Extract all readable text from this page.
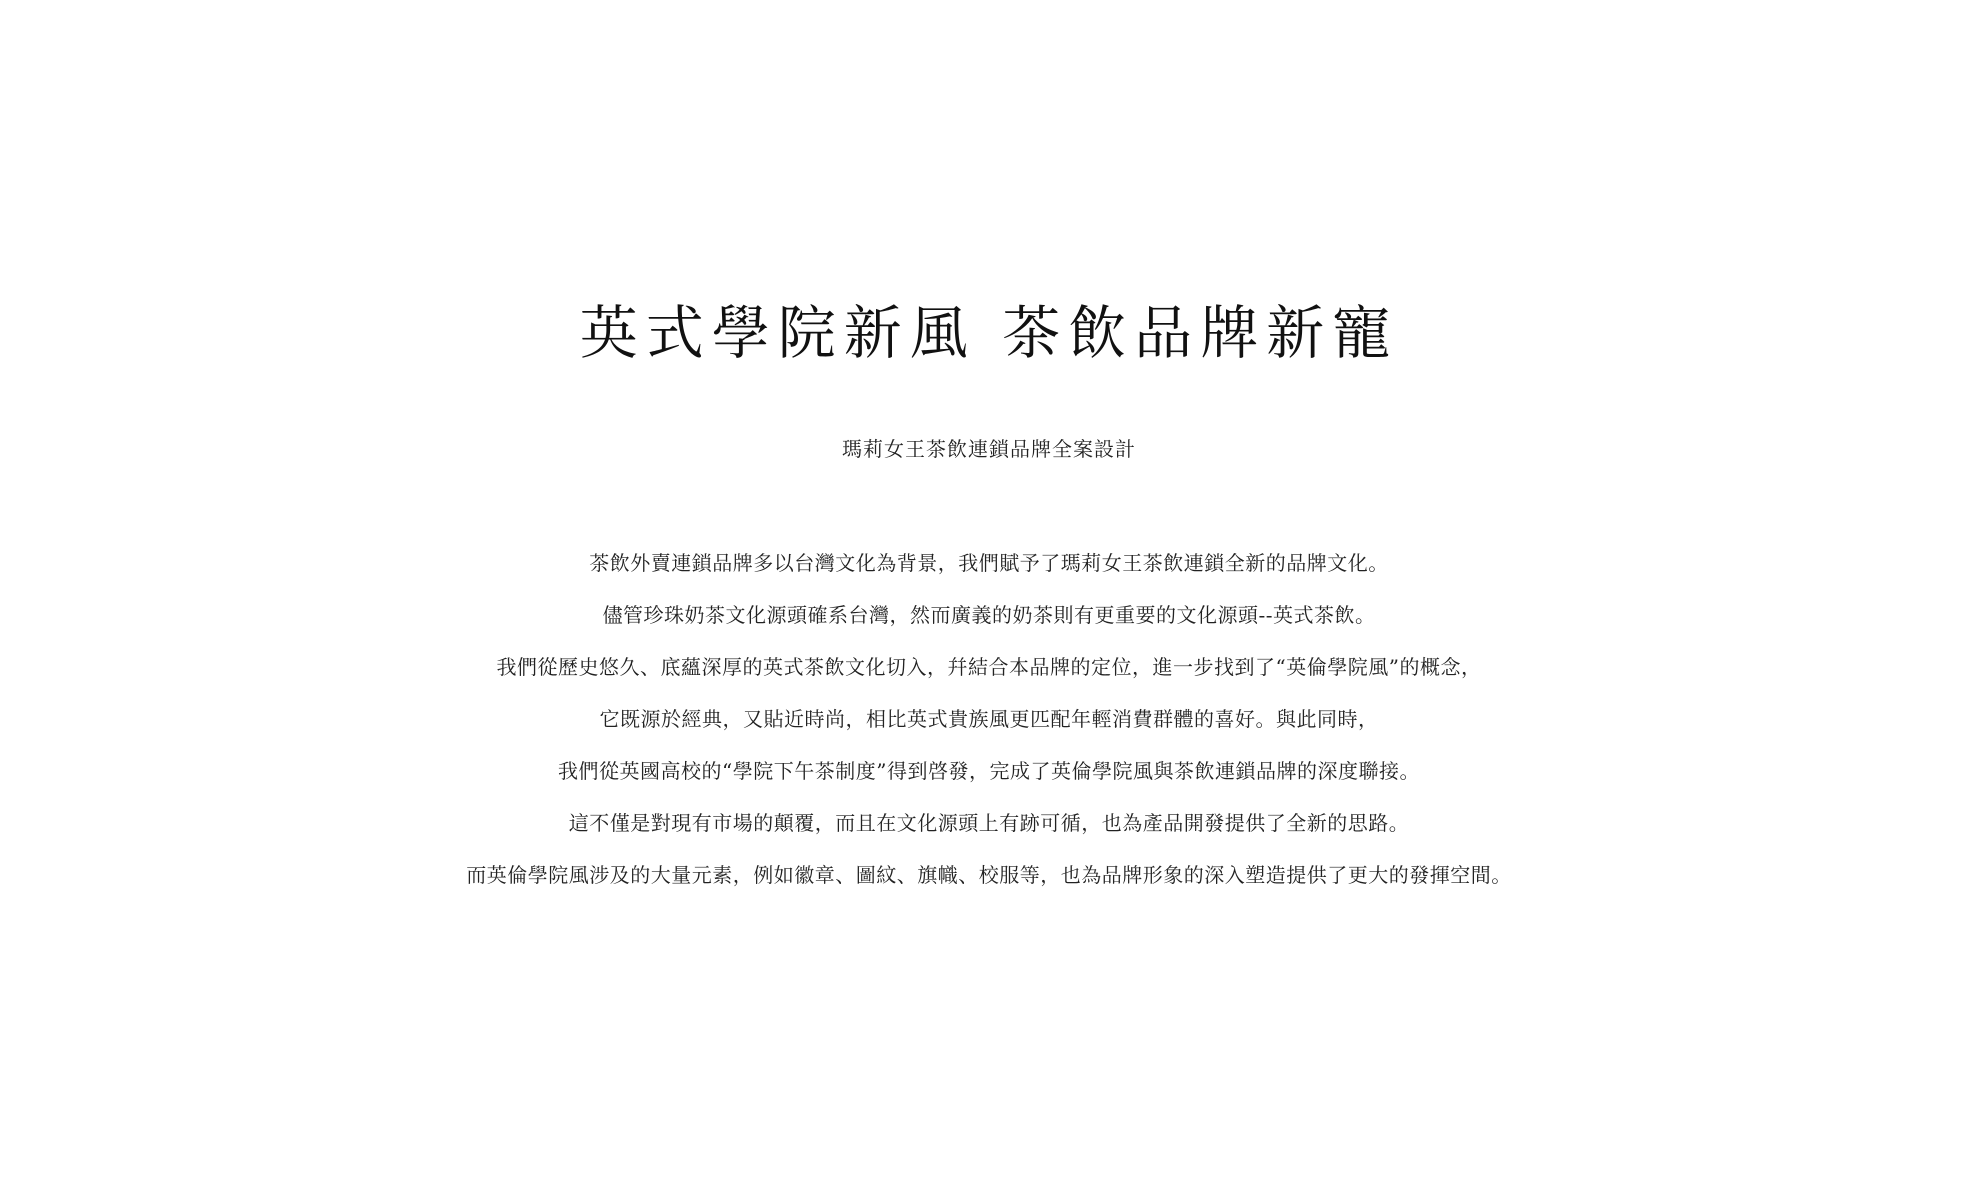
英式學院新風 茶飲品牌新寵

瑪莉女王茶飲連鎖品牌全案設計

茶飲外賣連鎖品牌多以台灣文化為背景，我們賦予了瑪莉女王茶飲連鎖全新的品牌文化。
儘管珍珠奶茶文化源頭確系台灣，然而廣義的奶茶則有更重要的文化源頭--英式茶飲。
我們從歷史悠久、底蘊深厚的英式茶飲文化切入，幷結合本品牌的定位，進一步找到了“英倫學院風”的概念，
它既源於經典，又貼近時尚，相比英式貴族風更匹配年輕消費群體的喜好。與此同時，
我們從英國高校的“學院下午茶制度”得到啓發，完成了英倫學院風與茶飲連鎖品牌的深度聯接。
這不僅是對現有市場的顛覆，而且在文化源頭上有跡可循，也為產品開發提供了全新的思路。
而英倫學院風涉及的大量元素，例如徽章、圖紋、旗幟、校服等，也為品牌形象的深入塑造提供了更大的發揮空間。
